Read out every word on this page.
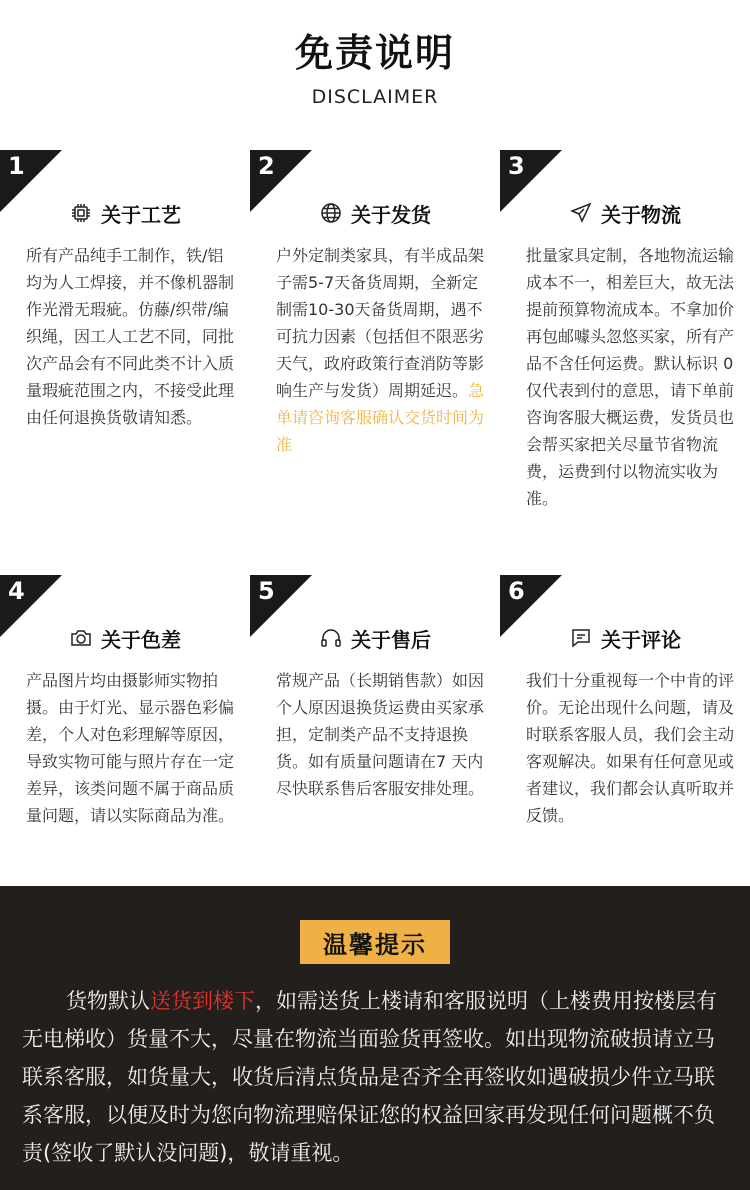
免责说明
DISCLAIMER
1
关于工艺
所有产品纯手工制作，铁/铝均为人工焊接，并不像机器制作光滑无瑕疵。仿藤/织带/编织绳，因工人工艺不同，同批次产品会有不同此类不计入质量瑕疵范围之内，不接受此理由任何退换货敬请知悉。
2
关于发货
户外定制类家具，有半成品架子需5-7天备货周期，全新定制需10-30天备货周期，遇不可抗力因素（包括但不限恶劣天气，政府政策行查消防等影响生产与发货）周期延迟。急单请咨询客服确认交货时间为准
3
关于物流
批量家具定制，各地物流运输成本不一，相差巨大，故无法提前预算物流成本。不拿加价再包邮噱头忽悠买家，所有产品不含任何运费。默认标识 0 仅代表到付的意思，请下单前咨询客服大概运费，发货员也会帮买家把关尽量节省物流费，运费到付以物流实收为准。
4
关于色差
产品图片均由摄影师实物拍摄。由于灯光、显示器色彩偏差，个人对色彩理解等原因，导致实物可能与照片存在一定差异，该类问题不属于商品质量问题，请以实际商品为准。
5
关于售后
常规产品（长期销售款）如因个人原因退换货运费由买家承担，定制类产品不支持退换货。如有质量问题请在7 天内尽快联系售后客服安排处理。
6
关于评论
我们十分重视每一个中肯的评价。无论出现什么问题，请及时联系客服人员，我们会主动客观解决。如果有任何意见或者建议，我们都会认真听取并反馈。
温馨提示
货物默认送货到楼下，如需送货上楼请和客服说明（上楼费用按楼层有无电梯收）货量不大，尽量在物流当面验货再签收。如出现物流破损请立马联系客服，如货量大，收货后清点货品是否齐全再签收如遇破损少件立马联系客服，以便及时为您向物流理赔保证您的权益回家再发现任何问题概不负责(签收了默认没问题)，敬请重视。
